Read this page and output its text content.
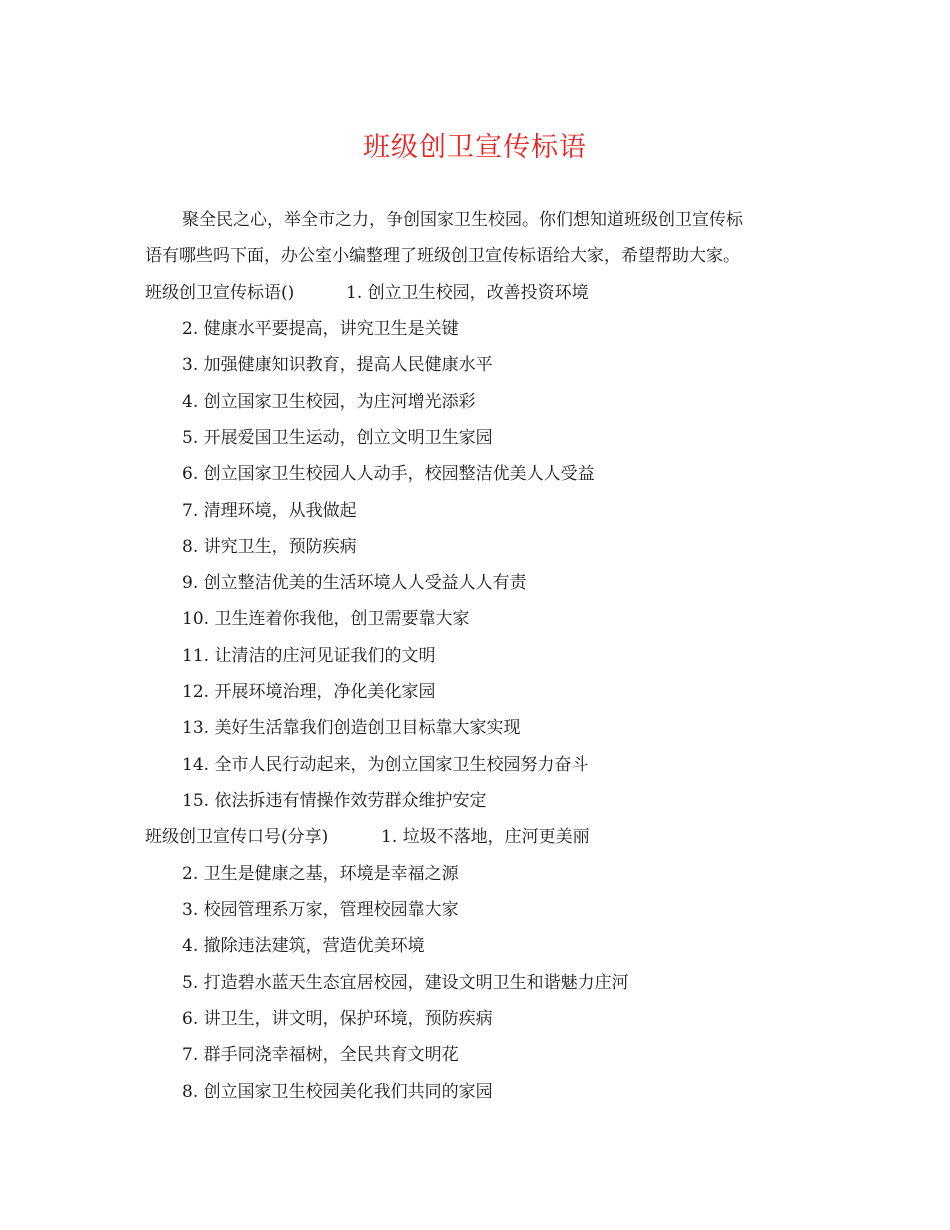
班级创卫宣传标语
聚全民之心，举全市之力，争创国家卫生校园。你们想知道班级创卫宣传标
语有哪些吗下面，办公室小编整理了班级创卫宣传标语给大家，希望帮助大家。
班级创卫宣传标语()	1. 创立卫生校园，改善投资环境
2. 健康水平要提高，讲究卫生是关键
3. 加强健康知识教育，提高人民健康水平
4. 创立国家卫生校园，为庄河增光添彩
5. 开展爱国卫生运动，创立文明卫生家园
6. 创立国家卫生校园人人动手，校园整洁优美人人受益
7. 清理环境，从我做起
8. 讲究卫生，预防疾病
9. 创立整洁优美的生活环境人人受益人人有责
10. 卫生连着你我他，创卫需要靠大家
11. 让清洁的庄河见证我们的文明
12. 开展环境治理，净化美化家园
13. 美好生活靠我们创造创卫目标靠大家实现
14. 全市人民行动起来，为创立国家卫生校园努力奋斗
15. 依法拆违有情操作效劳群众维护安定
班级创卫宣传口号(分享)	1. 垃圾不落地，庄河更美丽
2. 卫生是健康之基，环境是幸福之源
3. 校园管理系万家，管理校园靠大家
4. 撤除违法建筑，营造优美环境
5. 打造碧水蓝天生态宜居校园，建设文明卫生和谐魅力庄河
6. 讲卫生，讲文明，保护环境，预防疾病
7. 群手同浇幸福树，全民共育文明花
8. 创立国家卫生校园美化我们共同的家园
